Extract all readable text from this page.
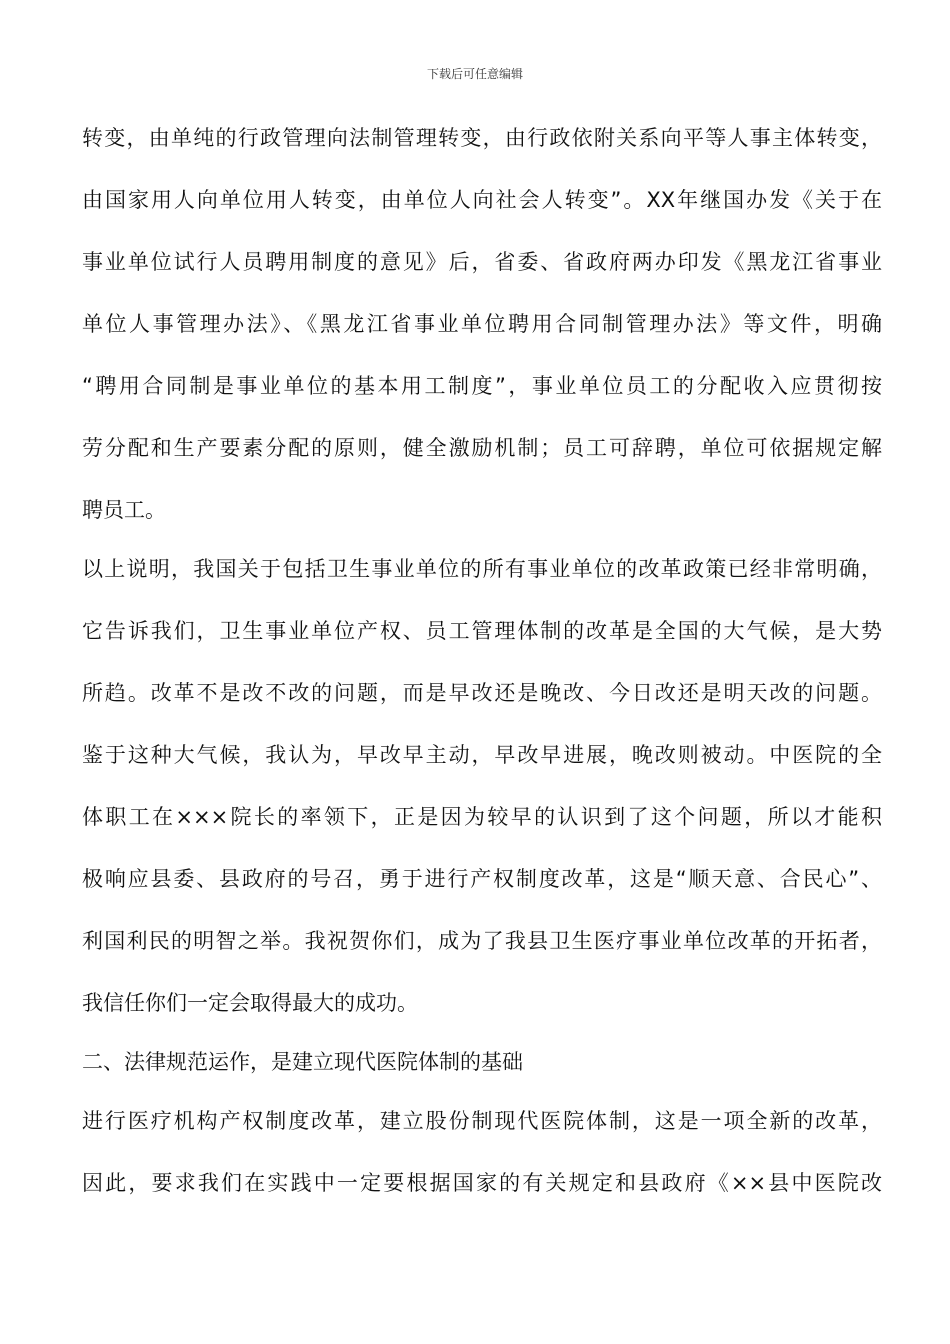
下载后可任意编辑
转变，由单纯的行政管理向法制管理转变，由行政依附关系向平等人事主体转变，
由国家用人向单位用人转变，由单位人向社会人转变”。XX年继国办发《关于在
事业单位试行人员聘用制度的意见》后，省委、省政府两办印发《黑龙江省事业
单位人事管理办法》、《黑龙江省事业单位聘用合同制管理办法》等文件，明确
“聘用合同制是事业单位的基本用工制度”，事业单位员工的分配收入应贯彻按
劳分配和生产要素分配的原则，健全激励机制；员工可辞聘，单位可依据规定解
聘员工。
以上说明，我国关于包括卫生事业单位的所有事业单位的改革政策已经非常明确，
它告诉我们，卫生事业单位产权、员工管理体制的改革是全国的大气候，是大势
所趋。改革不是改不改的问题，而是早改还是晚改、今日改还是明天改的问题。
鉴于这种大气候，我认为，早改早主动，早改早进展，晚改则被动。中医院的全
体职工在×××院长的率领下，正是因为较早的认识到了这个问题，所以才能积
极响应县委、县政府的号召，勇于进行产权制度改革，这是“顺天意、合民心”、
利国利民的明智之举。我祝贺你们，成为了我县卫生医疗事业单位改革的开拓者，
我信任你们一定会取得最大的成功。
二、法律规范运作，是建立现代医院体制的基础
进行医疗机构产权制度改革，建立股份制现代医院体制，这是一项全新的改革，
因此，要求我们在实践中一定要根据国家的有关规定和县政府《××县中医院改
